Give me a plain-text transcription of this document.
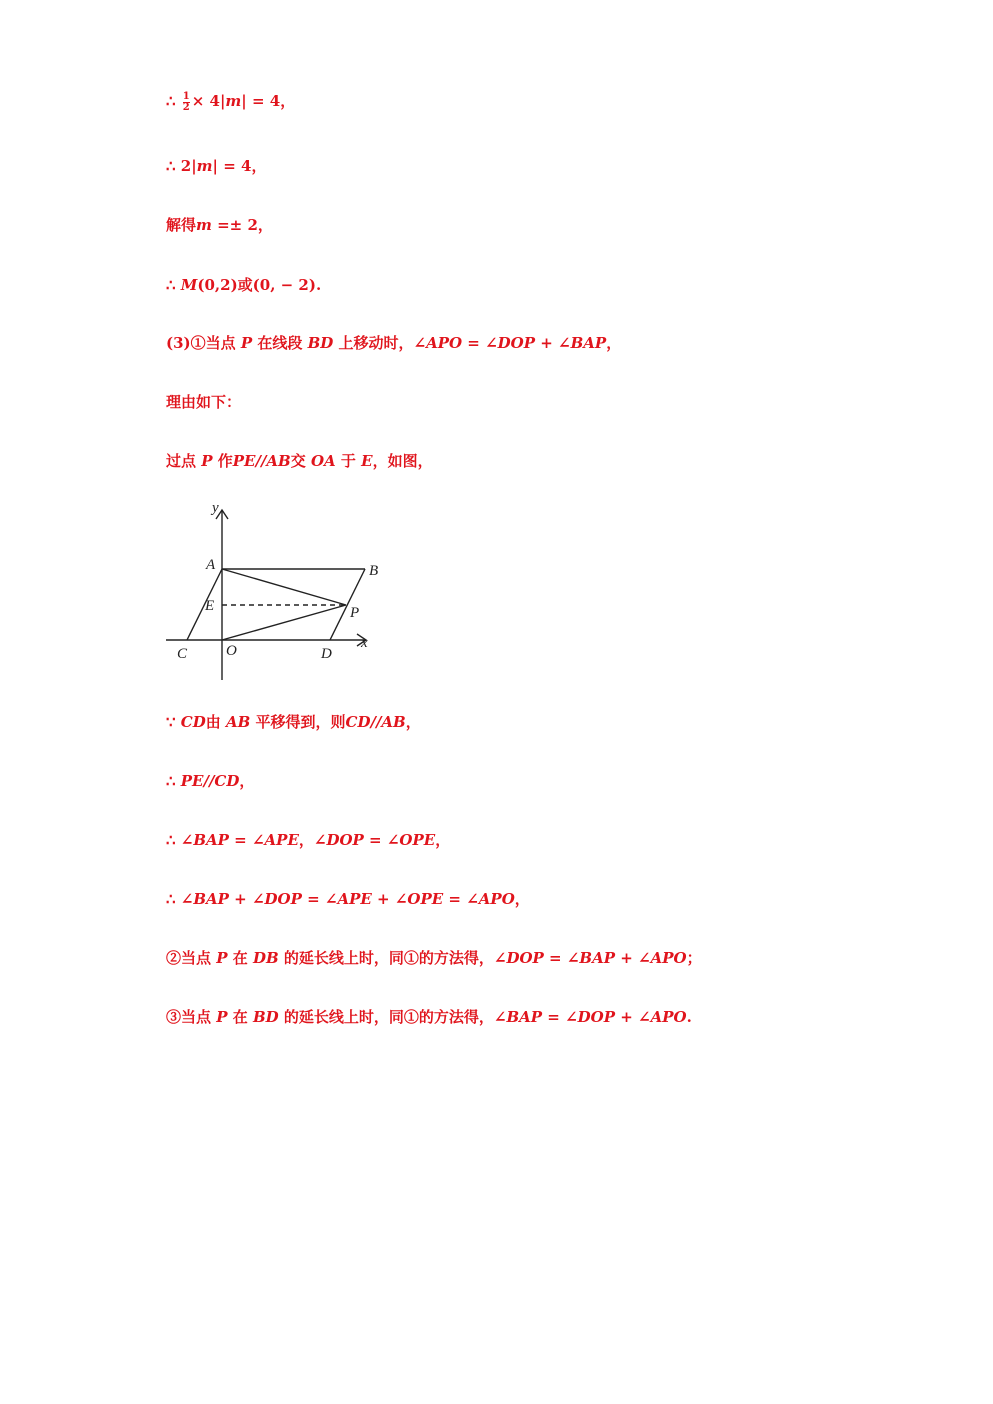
∴ $\frac{1}{2} \times 4|m| = 4$，
∴ 2|m| = 4，
解得m =± 2，
∴ M(0,2)或(0, − 2).
(3)①当点 P 在线段 BD 上移动时，∠APO = ∠DOP + ∠BAP，
理由如下：
过点 P 作PE//AB交 OA 于 E，如图，
y
A	B
E	P
C	O	D
x
∵ CD由 AB 平移得到，则CD//AB，
∴ PE//CD，
∴ ∠BAP = ∠APE，∠DOP = ∠OPE，
∴ ∠BAP + ∠DOP = ∠APE + ∠OPE = ∠APO，
②当点 P 在 DB 的延长线上时，同①的方法得，∠DOP = ∠BAP + ∠APO；
③当点 P 在 BD 的延长线上时，同①的方法得，∠BAP = ∠DOP + ∠APO.
